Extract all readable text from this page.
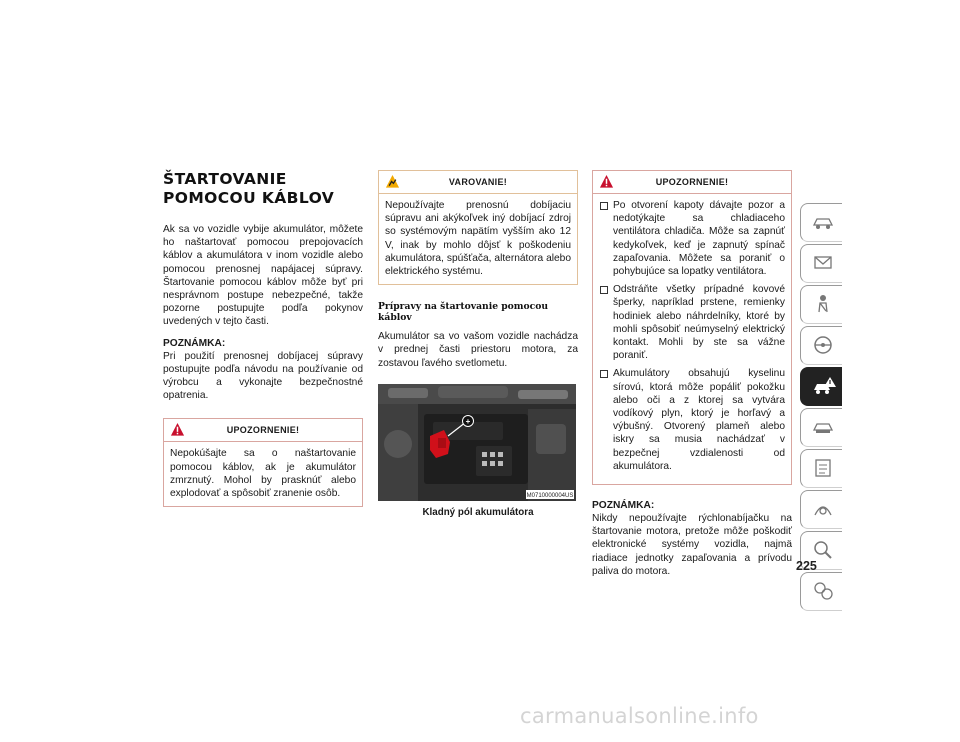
ŠTARTOVANIE POMOCOU KÁBLOV

Ak sa vo vozidle vybije akumulátor, môžete ho naštartovať pomocou prepojovacích káblov a akumulátora v inom vozidle alebo pomocou prenosnej napájacej súpravy. Štartovanie pomocou káblov môže byť pri nesprávnom postupe nebezpečné, takže pozorne postupujte podľa pokynov uvedených v tejto časti.

POZNÁMKA:

Pri použití prenosnej dobíjacej súpravy postupujte podľa návodu na používanie od výrobcu a vykonajte bezpečnostné opatrenia.

UPOZORNENIE!
Nepokúšajte sa o naštartovanie pomocou káblov, ak je akumulátor zmrznutý. Mohol by prasknúť alebo explodovať a spôsobiť zranenie osôb.
VAROVANIE!
Nepoužívajte prenosnú dobíjaciu súpravu ani akýkoľvek iný dobíjací zdroj so systémovým napätím vyšším ako 12 V, inak by mohlo dôjsť k poškodeniu akumulátora, spúšťača, alternátora alebo elektrického systému.
Prípravy na štartovanie pomocou káblov

Akumulátor sa vo vašom vozidle nachádza v prednej časti priestoru motora, za zostavou ľavého svetlometu.

+
M0710000004US
Kladný pól akumulátora
UPOZORNENIE!
Po otvorení kapoty dávajte pozor a nedotýkajte sa chladiaceho ventilátora chladiča. Môže sa zapnúť kedykoľvek, keď je zapnutý spínač zapaľovania. Môžete sa poraniť o pohybujúce sa lopatky ventilátora.
Odstráňte všetky prípadné kovové šperky, napríklad prstene, remienky hodiniek alebo náhrdelníky, ktoré by mohli spôsobiť neúmyselný elektrický kontakt. Mohli by ste sa vážne poraniť.
Akumulátory obsahujú kyselinu sírovú, ktorá môže popáliť pokožku alebo oči a z ktorej sa vytvára vodíkový plyn, ktorý je horľavý a výbušný. Otvorený plameň alebo iskry sa musia nachádzať v bezpečnej vzdialenosti od akumulátora.

POZNÁMKA:

Nikdy nepoužívajte rýchlonabíjačku na štartovanie motora, pretože môže poškodiť elektronické systémy vozidla, najmä riadiace jednotky zapaľovania a prívodu paliva do motora.	225
carmanualsonline.info
